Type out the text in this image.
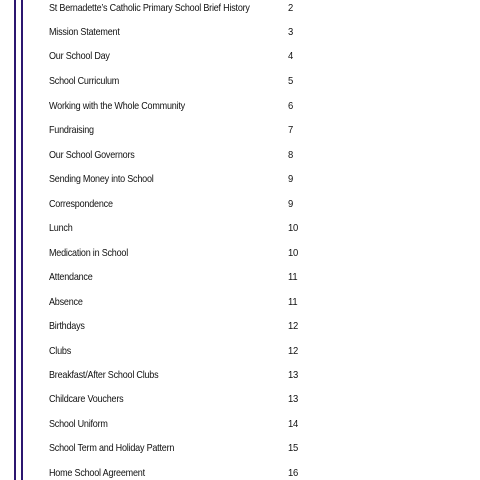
St Bernadette’s Catholic Primary School Brief History	2
Mission Statement	3
Our School Day	4
School Curriculum	5
Working with the Whole Community	6
Fundraising	7
Our School Governors	8
Sending Money into School	9
Correspondence	9
Lunch	10
Medication in School	10
Attendance	11
Absence	11
Birthdays	12
Clubs	12
Breakfast/After School Clubs	13
Childcare Vouchers	13
School Uniform	14
School Term and Holiday Pattern	15
Home School Agreement	16
